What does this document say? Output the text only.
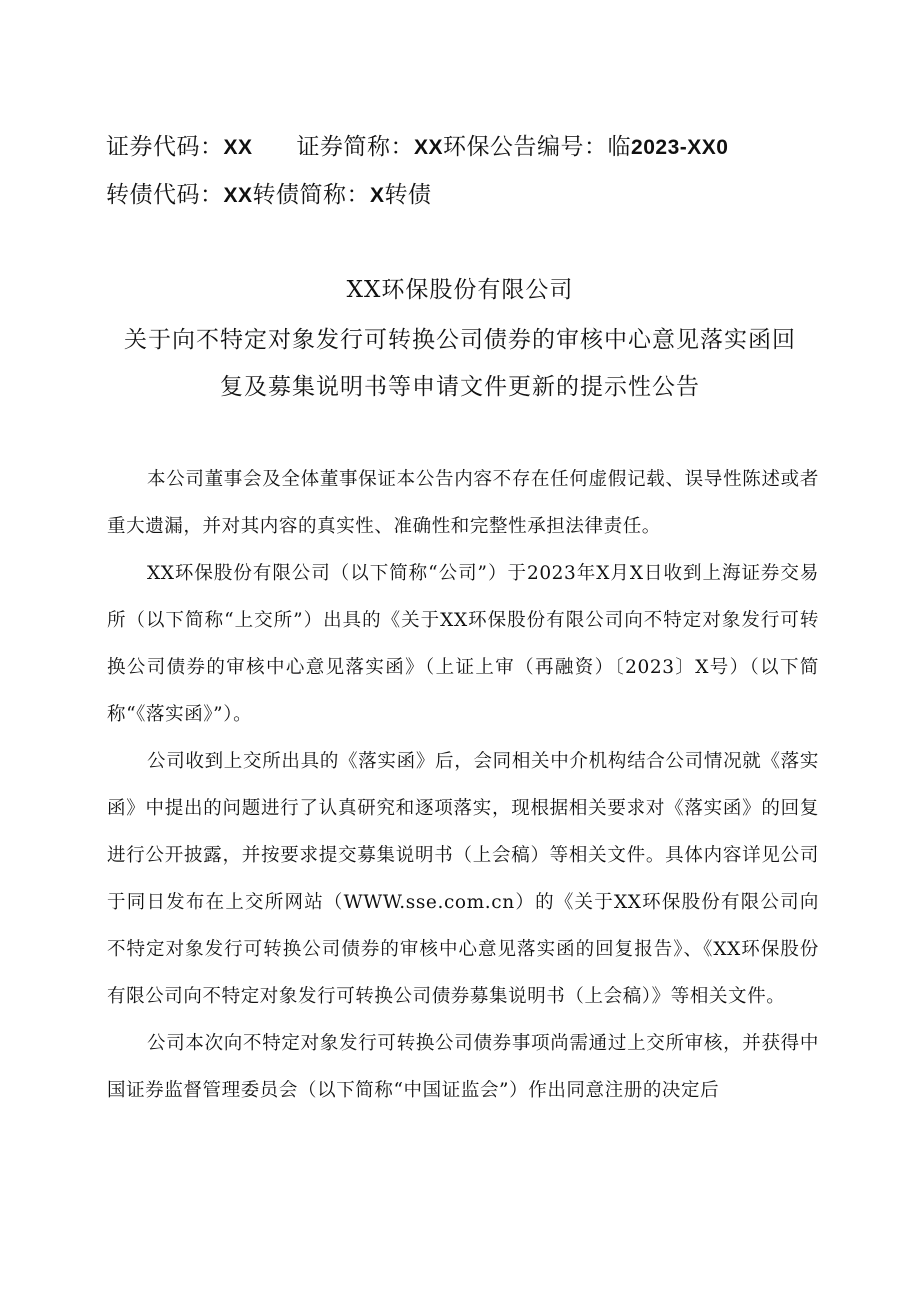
证券代码：XX 证券简称：XX环保公告编号：临2023-XX0
转债代码：XX转债简称：X转债
XX环保股份有限公司
关于向不特定对象发行可转换公司债券的审核中心意见落实函回
复及募集说明书等申请文件更新的提示性公告

本公司董事会及全体董事保证本公告内容不存在任何虚假记载、误导性陈述或者重大遗漏，并对其内容的真实性、准确性和完整性承担法律责任。

XX环保股份有限公司（以下简称“公司”）于2023年X月X日收到上海证券交易所（以下简称“上交所”）出具的《关于XX环保股份有限公司向不特定对象发行可转换公司债券的审核中心意见落实函》（上证上审（再融资）〔2023〕X号）（以下简称“《落实函》”）。

公司收到上交所出具的《落实函》后，会同相关中介机构结合公司情况就《落实函》中提出的问题进行了认真研究和逐项落实，现根据相关要求对《落实函》的回复进行公开披露，并按要求提交募集说明书（上会稿）等相关文件。具体内容详见公司于同日发布在上交所网站（WWW.sse.com.cn）的《关于XX环保股份有限公司向不特定对象发行可转换公司债券的审核中心意见落实函的回复报告》、《XX环保股份有限公司向不特定对象发行可转换公司债券募集说明书（上会稿）》等相关文件。

公司本次向不特定对象发行可转换公司债券事项尚需通过上交所审核，并获得中国证券监督管理委员会（以下简称“中国证监会”）作出同意注册的决定后
